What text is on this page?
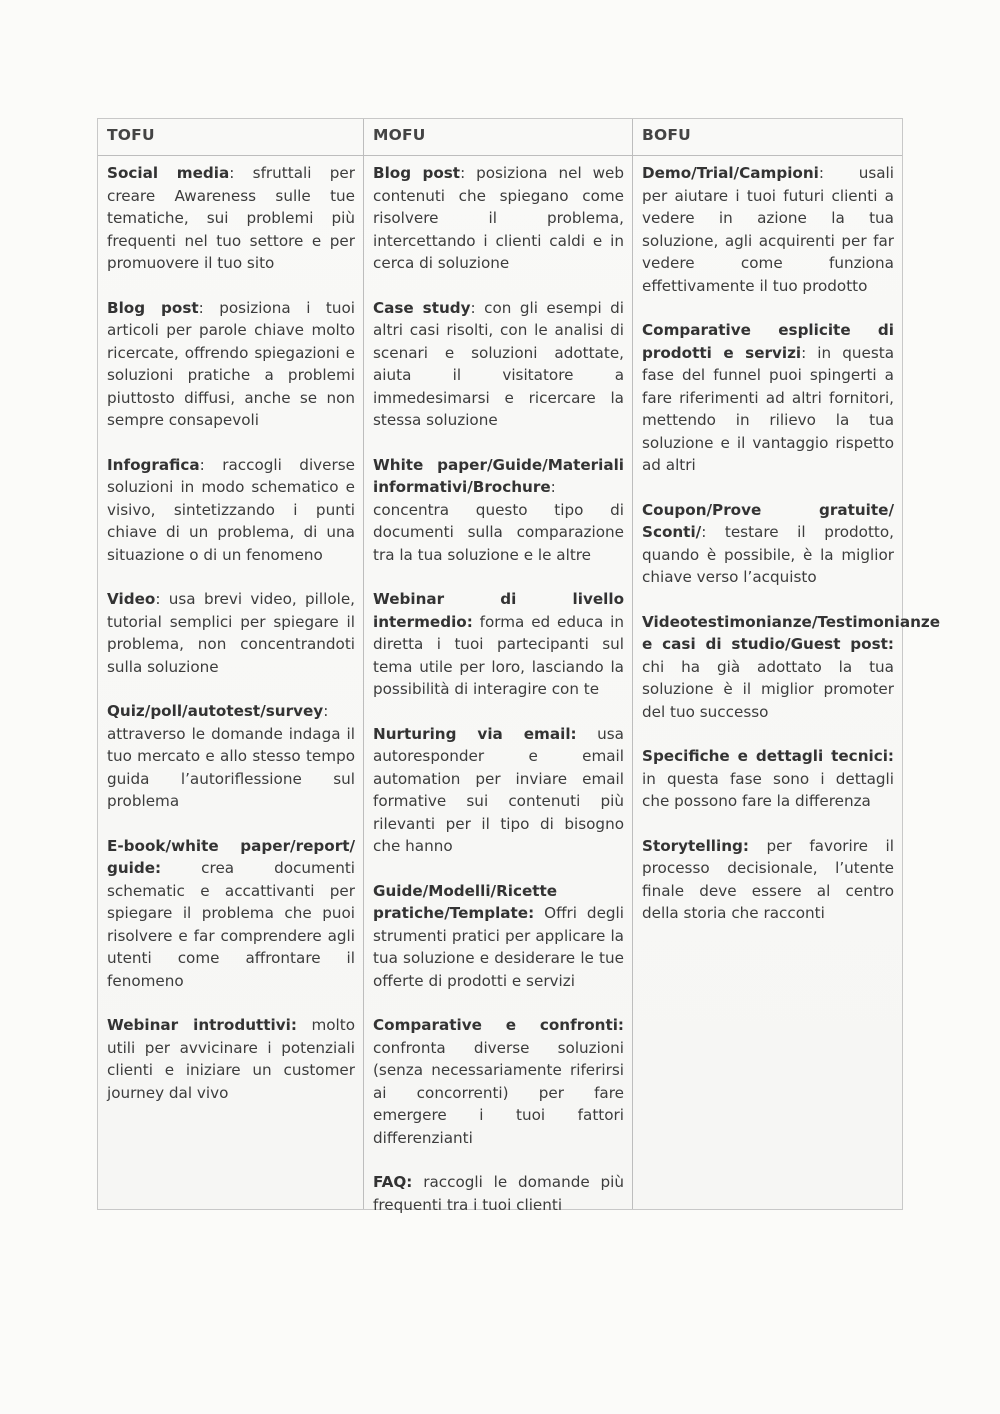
TOFU

Social media: sfruttali per creare Awareness sulle tue tematiche, sui problemi più frequenti nel tuo settore e per promuovere il tuo sito

Blog post: posiziona i tuoi articoli per parole chiave molto ricercate, offrendo spiegazioni e soluzioni pratiche a problemi piuttosto diffusi, anche se non sempre consapevoli

Infografica: raccogli diverse soluzioni in modo schematico e visivo, sintetizzando i punti chiave di un problema, di una situazione o di un fenomeno

Video: usa brevi video, pillole, tutorial semplici per spiegare il problema, non concentrandoti sulla soluzione

Quiz/poll/autotest/survey: attraverso le domande indaga il tuo mercato e allo stesso tempo guida l’autoriflessione sul problema

E-book/white paper/report/ guide: crea documenti schematic e accattivanti per spiegare il problema che puoi risolvere e far comprendere agli utenti come affrontare il fenomeno

Webinar introduttivi: molto utili per avvicinare i potenziali clienti e iniziare un customer journey dal vivo

MOFU

Blog post: posiziona nel web contenuti che spiegano come risolvere il problema, intercettando i clienti caldi e in cerca di soluzione

Case study: con gli esempi di altri casi risolti, con le analisi di scenari e soluzioni adottate, aiuta il visitatore a immedesimarsi e ricercare la stessa soluzione

White paper/Guide/Materiali informativi/Brochure: concentra questo tipo di documenti sulla comparazione tra la tua soluzione e le altre

Webinar di livello intermedio: forma ed educa in diretta i tuoi partecipanti sul tema utile per loro, lasciando la possibilità di interagire con te

Nurturing via email: usa autoresponder e email automation per inviare email formative sui contenuti più rilevanti per il tipo di bisogno che hanno

Guide/Modelli/Ricette pratiche/Template: Offri degli strumenti pratici per applicare la tua soluzione e desiderare le tue offerte di prodotti e servizi

Comparative e confronti: confronta diverse soluzioni (senza necessariamente riferirsi ai concorrenti) per fare emergere i tuoi fattori differenzianti

FAQ: raccogli le domande più frequenti tra i tuoi clienti

BOFU

Demo/Trial/Campioni: usali per aiutare i tuoi futuri clienti a vedere in azione la tua soluzione, agli acquirenti per far vedere come funziona effettivamente il tuo prodotto

Comparative esplicite di prodotti e servizi: in questa fase del funnel puoi spingerti a fare riferimenti ad altri fornitori, mettendo in rilievo la tua soluzione e il vantaggio rispetto ad altri

Coupon/Prove gratuite/ Sconti/: testare il prodotto, quando è possibile, è la miglior chiave verso l’acquisto

Videotestimonianze/Testimonianze e casi di studio/Guest post: chi ha già adottato la tua soluzione è il miglior promoter del tuo successo

Specifiche e dettagli tecnici: in questa fase sono i dettagli che possono fare la differenza

Storytelling: per favorire il processo decisionale, l’utente finale deve essere al centro della storia che racconti
